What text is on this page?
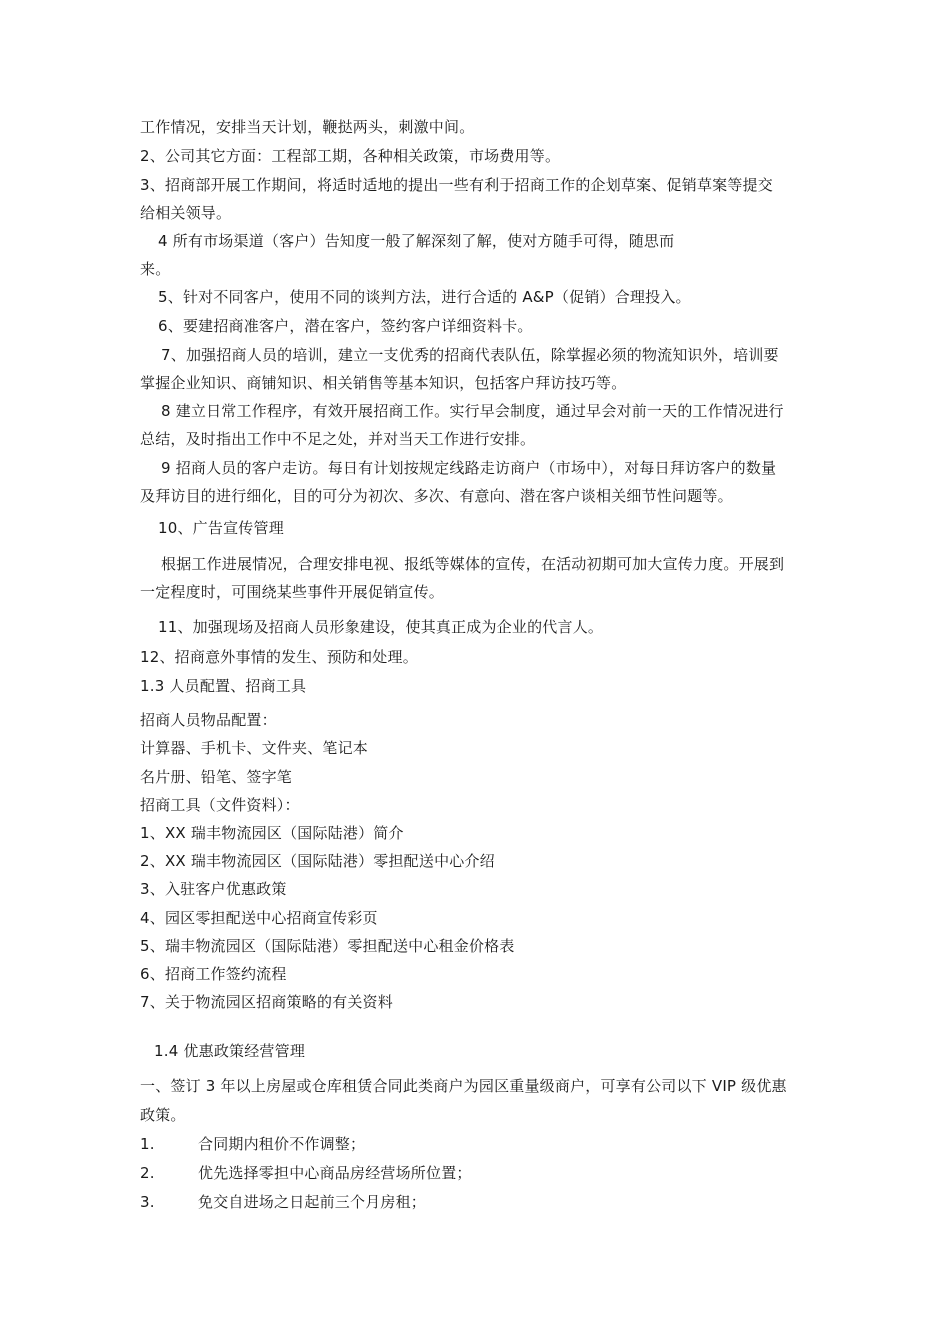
工作情况，安排当天计划，鞭挞两头，刺激中间。
2、公司其它方面：工程部工期，各种相关政策，市场费用等。
3、招商部开展工作期间，将适时适地的提出一些有利于招商工作的企划草案、促销草案等提交
给相关领导。
4 所有市场渠道（客户）告知度一般了解深刻了解，使对方随手可得，随思而
来。
5、针对不同客户，使用不同的谈判方法，进行合适的 A&P（促销）合理投入。
6、要建招商准客户，潜在客户，签约客户详细资料卡。
7、加强招商人员的培训，建立一支优秀的招商代表队伍，除掌握必须的物流知识外，培训要
掌握企业知识、商铺知识、相关销售等基本知识，包括客户拜访技巧等。
8 建立日常工作程序，有效开展招商工作。实行早会制度，通过早会对前一天的工作情况进行
总结，及时指出工作中不足之处，并对当天工作进行安排。
9 招商人员的客户走访。每日有计划按规定线路走访商户（市场中），对每日拜访客户的数量
及拜访目的进行细化，目的可分为初次、多次、有意向、潜在客户谈相关细节性问题等。
10、广告宣传管理
根据工作进展情况，合理安排电视、报纸等媒体的宣传，在活动初期可加大宣传力度。开展到
一定程度时，可围绕某些事件开展促销宣传。
11、加强现场及招商人员形象建设，使其真正成为企业的代言人。
12、招商意外事情的发生、预防和处理。
1.3 人员配置、招商工具
招商人员物品配置：
计算器、手机卡、文件夹、笔记本
名片册、铅笔、签字笔
招商工具（文件资料）：
1、XX 瑞丰物流园区（国际陆港）简介
2、XX 瑞丰物流园区（国际陆港）零担配送中心介绍
3、入驻客户优惠政策
4、园区零担配送中心招商宣传彩页
5、瑞丰物流园区（国际陆港）零担配送中心租金价格表
6、招商工作签约流程
7、关于物流园区招商策略的有关资料
1.4 优惠政策经营管理
一、签订 3 年以上房屋或仓库租赁合同此类商户为园区重量级商户，可享有公司以下 VIP 级优惠
政策。
1.	合同期内租价不作调整；
2.	优先选择零担中心商品房经营场所位置；
3.	免交自进场之日起前三个月房租；
